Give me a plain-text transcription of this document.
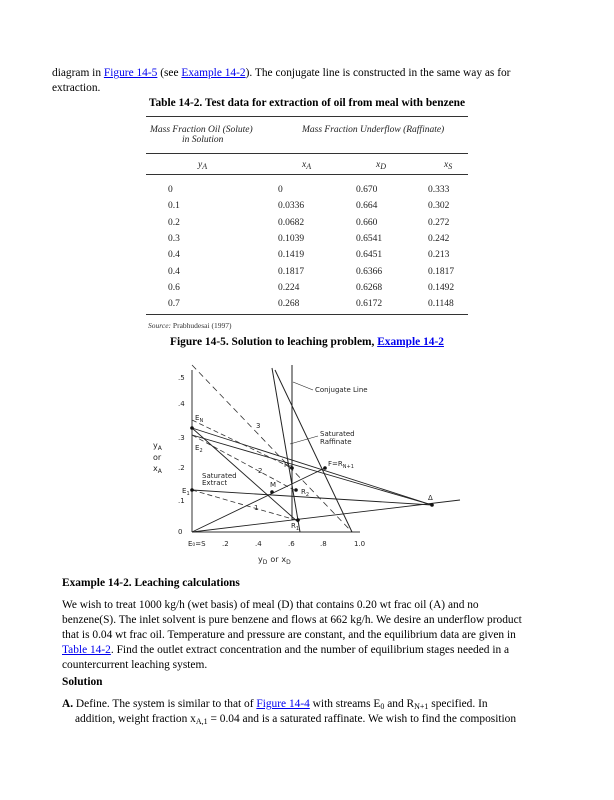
diagram in Figure 14-5 (see Example 14-2). The conjugate line is constructed in the same way as for
extraction.
Table 14-2. Test data for extraction of oil from meal with benzene
Mass Fraction Oil (Solute)
in Solution
Mass Fraction Underflow (Raffinate)
$y_A$	$x_A$	$x_D$	$x_S$
0	0	0.670	0.333
0.1	0.0336	0.664	0.302
0.2	0.0682	0.660	0.272
0.3	0.1039	0.6541	0.242
0.4	0.1419	0.6451	0.213
0.4	0.1817	0.6366	0.1817
0.6	0.224	0.6268	0.1492
0.7	0.268	0.6172	0.1148
Source: Prabhudesai (1997)
Figure 14-5. Solution to leaching problem, Example 14-2
.5
.4
.3
.2
.1
0
E₀=S .2	.4	.6	.8	1.0
$y_A$
or
$x_A$
$y_D$ or $x_D$
$E_N$
$E_2$
$E_1$
M
$R_1$
$R_2$
$R_3$	$F=R_{N+1}$
Δ
1
2
3
Conjugate Line
Saturated
Raffinate
Saturated
Extract
Example 14-2. Leaching calculations
We wish to treat 1000 kg/h (wet basis) of meal (D) that contains 0.20 wt frac oil (A) and no
benzene(S). The inlet solvent is pure benzene and flows at 662 kg/h. We desire an underflow product
that is 0.04 wt frac oil. Temperature and pressure are constant, and the equilibrium data are given in
Table 14-2. Find the outlet extract concentration and the number of equilibrium stages needed in a
countercurrent leaching system.
Solution
A. Define. The system is similar to that of Figure 14-4 with streams $E_0$ and $R_{N+1}$ specified. In
addition, weight fraction $x_{A,1} = 0.04$ and is a saturated raffinate. We wish to find the composition
